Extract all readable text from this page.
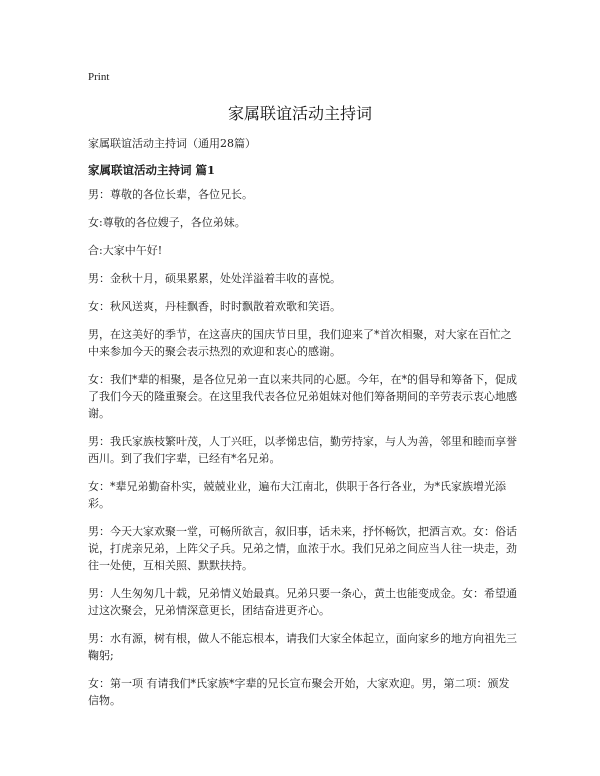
Print
家属联谊活动主持词

家属联谊活动主持词（通用28篇）

家属联谊活动主持词 篇1

男：尊敬的各位长辈，各位兄长。

女:尊敬的各位嫂子，各位弟妹。

合:大家中午好!

男：金秋十月，硕果累累，处处洋溢着丰收的喜悦。

女：秋风送爽，丹桂飘香，时时飘散着欢歌和笑语。

男，在这美好的季节，在这喜庆的国庆节日里，我们迎来了*首次相聚，对大家在百忙之中来参加今天的聚会表示热烈的欢迎和衷心的感谢。

女：我们*辈的相聚，是各位兄弟一直以来共同的心愿。今年，在*的倡导和筹备下，促成了我们今天的隆重聚会。在这里我代表各位兄弟姐妹对他们筹备期间的辛劳表示衷心地感谢。

男：我氏家族枝繁叶茂，人丁兴旺，以孝悌忠信，勤劳持家，与人为善，邻里和睦而享誉西川。到了我们字辈，已经有*名兄弟。

女：*辈兄弟勤奋朴实，兢兢业业，遍布大江南北，供职于各行各业，为*氏家族增光添彩。

男：今天大家欢聚一堂，可畅所欲言，叙旧事，话未来，抒怀畅饮，把酒言欢。女：俗话说，打虎亲兄弟，上阵父子兵。兄弟之情，血浓于水。我们兄弟之间应当人往一块走，劲往一处使，互相关照、默默扶持。

男：人生匆匆几十载，兄弟情义始最真。兄弟只要一条心，黄土也能变成金。女：希望通过这次聚会，兄弟情深意更长，团结奋进更齐心。

男：水有源，树有根，做人不能忘根本，请我们大家全体起立，面向家乡的地方向祖先三鞠躬;

女：第一项 有请我们*氏家族*字辈的兄长宣布聚会开始，大家欢迎。男，第二项：颁发信物。
